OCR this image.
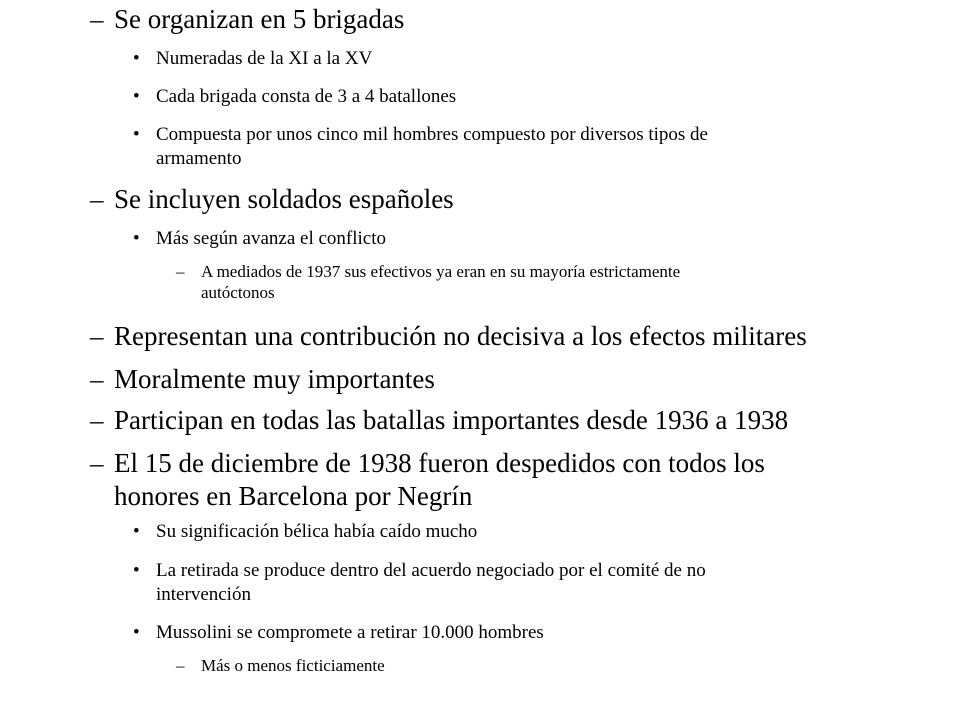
– Se organizan en 5 brigadas
• Numeradas de la XI a la XV
• Cada brigada consta de 3 a 4 batallones
• Compuesta por unos cinco mil hombres compuesto por diversos tipos de
armamento
– Se incluyen soldados españoles
• Más según avanza el conflicto
– A mediados de 1937 sus efectivos ya eran en su mayoría estrictamente
autóctonos
– Representan una contribución no decisiva a los efectos militares
– Moralmente muy importantes
– Participan en todas las batallas importantes desde 1936 a 1938
– El 15 de diciembre de 1938 fueron despedidos con todos los
honores en Barcelona por Negrín
• Su significación bélica había caído mucho
• La retirada se produce dentro del acuerdo negociado por el comité de no
intervención
• Mussolini se compromete a retirar 10.000 hombres
– Más o menos ficticiamente
